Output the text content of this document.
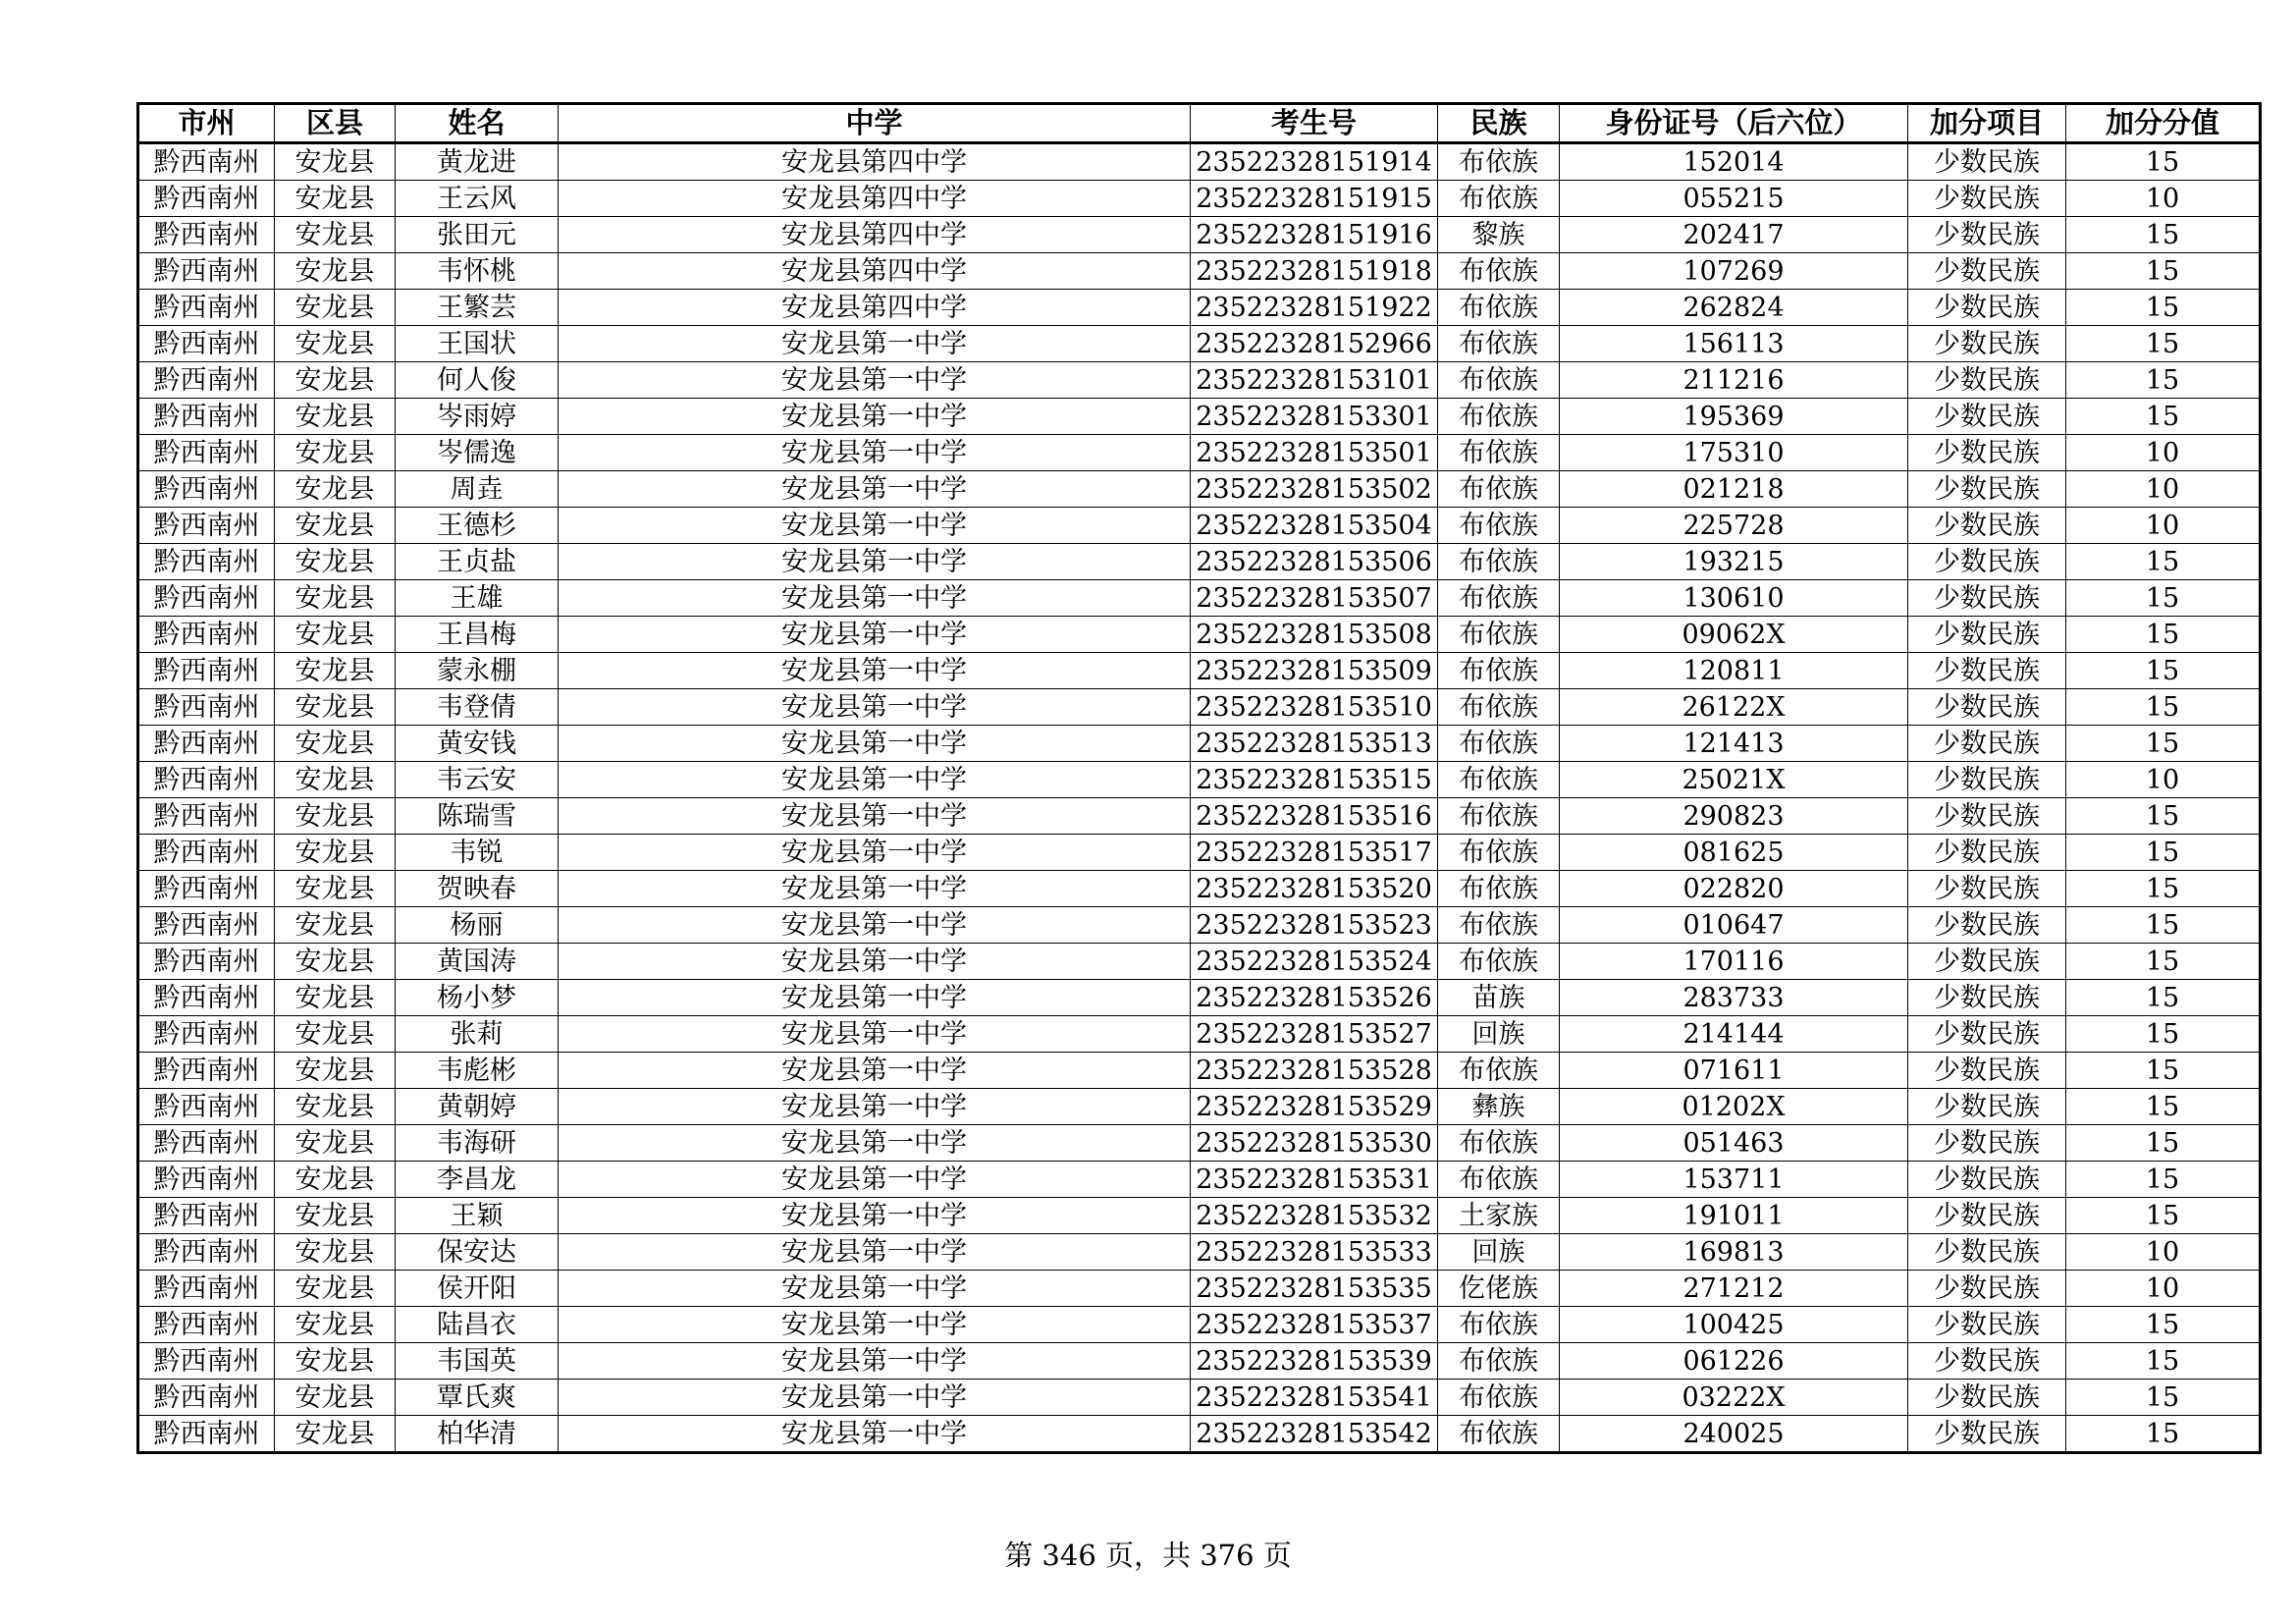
市州	区县	姓名	中学	考生号	民族	身份证号（后六位）	加分项目	加分分值
黔西南州	安龙县	黄龙进	安龙县第四中学	23522328151914	布依族	152014	少数民族	15
黔西南州	安龙县	王云风	安龙县第四中学	23522328151915	布依族	055215	少数民族	10
黔西南州	安龙县	张田元	安龙县第四中学	23522328151916	黎族	202417	少数民族	15
黔西南州	安龙县	韦怀桃	安龙县第四中学	23522328151918	布依族	107269	少数民族	15
黔西南州	安龙县	王繁芸	安龙县第四中学	23522328151922	布依族	262824	少数民族	15
黔西南州	安龙县	王国状	安龙县第一中学	23522328152966	布依族	156113	少数民族	15
黔西南州	安龙县	何人俊	安龙县第一中学	23522328153101	布依族	211216	少数民族	15
黔西南州	安龙县	岑雨婷	安龙县第一中学	23522328153301	布依族	195369	少数民族	15
黔西南州	安龙县	岑儒逸	安龙县第一中学	23522328153501	布依族	175310	少数民族	10
黔西南州	安龙县	周垚	安龙县第一中学	23522328153502	布依族	021218	少数民族	10
黔西南州	安龙县	王德杉	安龙县第一中学	23522328153504	布依族	225728	少数民族	10
黔西南州	安龙县	王贞盐	安龙县第一中学	23522328153506	布依族	193215	少数民族	15
黔西南州	安龙县	王雄	安龙县第一中学	23522328153507	布依族	130610	少数民族	15
黔西南州	安龙县	王昌梅	安龙县第一中学	23522328153508	布依族	09062X	少数民族	15
黔西南州	安龙县	蒙永棚	安龙县第一中学	23522328153509	布依族	120811	少数民族	15
黔西南州	安龙县	韦登倩	安龙县第一中学	23522328153510	布依族	26122X	少数民族	15
黔西南州	安龙县	黄安钱	安龙县第一中学	23522328153513	布依族	121413	少数民族	15
黔西南州	安龙县	韦云安	安龙县第一中学	23522328153515	布依族	25021X	少数民族	10
黔西南州	安龙县	陈瑞雪	安龙县第一中学	23522328153516	布依族	290823	少数民族	15
黔西南州	安龙县	韦锐	安龙县第一中学	23522328153517	布依族	081625	少数民族	15
黔西南州	安龙县	贺映春	安龙县第一中学	23522328153520	布依族	022820	少数民族	15
黔西南州	安龙县	杨丽	安龙县第一中学	23522328153523	布依族	010647	少数民族	15
黔西南州	安龙县	黄国涛	安龙县第一中学	23522328153524	布依族	170116	少数民族	15
黔西南州	安龙县	杨小梦	安龙县第一中学	23522328153526	苗族	283733	少数民族	15
黔西南州	安龙县	张莉	安龙县第一中学	23522328153527	回族	214144	少数民族	15
黔西南州	安龙县	韦彪彬	安龙县第一中学	23522328153528	布依族	071611	少数民族	15
黔西南州	安龙县	黄朝婷	安龙县第一中学	23522328153529	彝族	01202X	少数民族	15
黔西南州	安龙县	韦海研	安龙县第一中学	23522328153530	布依族	051463	少数民族	15
黔西南州	安龙县	李昌龙	安龙县第一中学	23522328153531	布依族	153711	少数民族	15
黔西南州	安龙县	王颖	安龙县第一中学	23522328153532	土家族	191011	少数民族	15
黔西南州	安龙县	保安达	安龙县第一中学	23522328153533	回族	169813	少数民族	10
黔西南州	安龙县	侯开阳	安龙县第一中学	23522328153535	仡佬族	271212	少数民族	10
黔西南州	安龙县	陆昌衣	安龙县第一中学	23522328153537	布依族	100425	少数民族	15
黔西南州	安龙县	韦国英	安龙县第一中学	23522328153539	布依族	061226	少数民族	15
黔西南州	安龙县	覃氏爽	安龙县第一中学	23522328153541	布依族	03222X	少数民族	15
黔西南州	安龙县	柏华清	安龙县第一中学	23522328153542	布依族	240025	少数民族	15
第 346 页，共 376 页
